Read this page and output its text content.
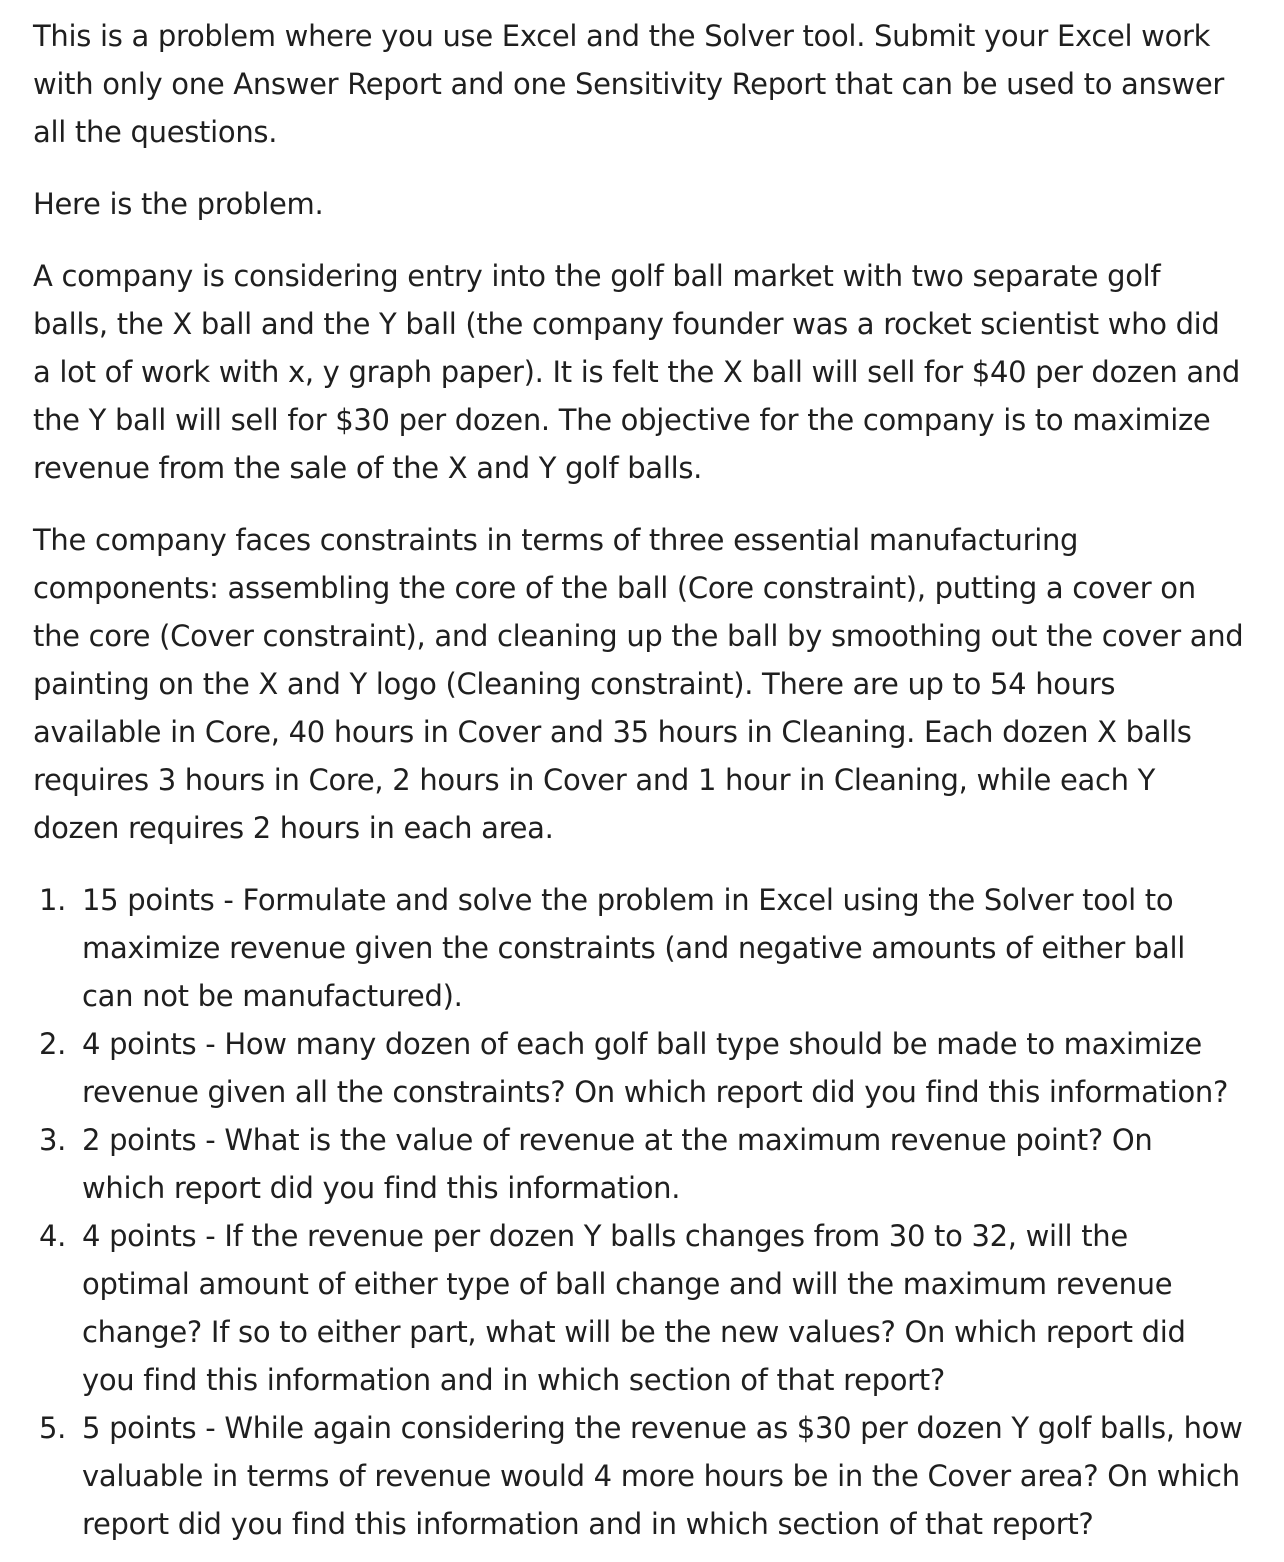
This is a problem where you use Excel and the Solver tool. Submit your Excel work with only one Answer Report and one Sensitivity Report that can be used to answer all the questions.

Here is the problem.

A company is considering entry into the golf ball market with two separate golf balls, the X ball and the Y ball (the company founder was a rocket scientist who did a lot of work with x, y graph paper). It is felt the X ball will sell for $40 per dozen and the Y ball will sell for $30 per dozen. The objective for the company is to maximize revenue from the sale of the X and Y golf balls.

The company faces constraints in terms of three essential manufacturing components: assembling the core of the ball (Core constraint), putting a cover on the core (Cover constraint), and cleaning up the ball by smoothing out the cover and painting on the X and Y logo (Cleaning constraint). There are up to 54 hours available in Core, 40 hours in Cover and 35 hours in Cleaning. Each dozen X balls requires 3 hours in Core, 2 hours in Cover and 1 hour in Cleaning, while each Y dozen requires 2 hours in each area.

1. 15 points - Formulate and solve the problem in Excel using the Solver tool to maximize revenue given the constraints (and negative amounts of either ball can not be manufactured).
2. 4 points - How many dozen of each golf ball type should be made to maximize revenue given all the constraints? On which report did you find this information?
3. 2 points - What is the value of revenue at the maximum revenue point? On which report did you find this information.
4. 4 points - If the revenue per dozen Y balls changes from 30 to 32, will the optimal amount of either type of ball change and will the maximum revenue change? If so to either part, what will be the new values? On which report did you find this information and in which section of that report?
5. 5 points - While again considering the revenue as $30 per dozen Y golf balls, how valuable in terms of revenue would 4 more hours be in the Cover area? On which report did you find this information and in which section of that report?
